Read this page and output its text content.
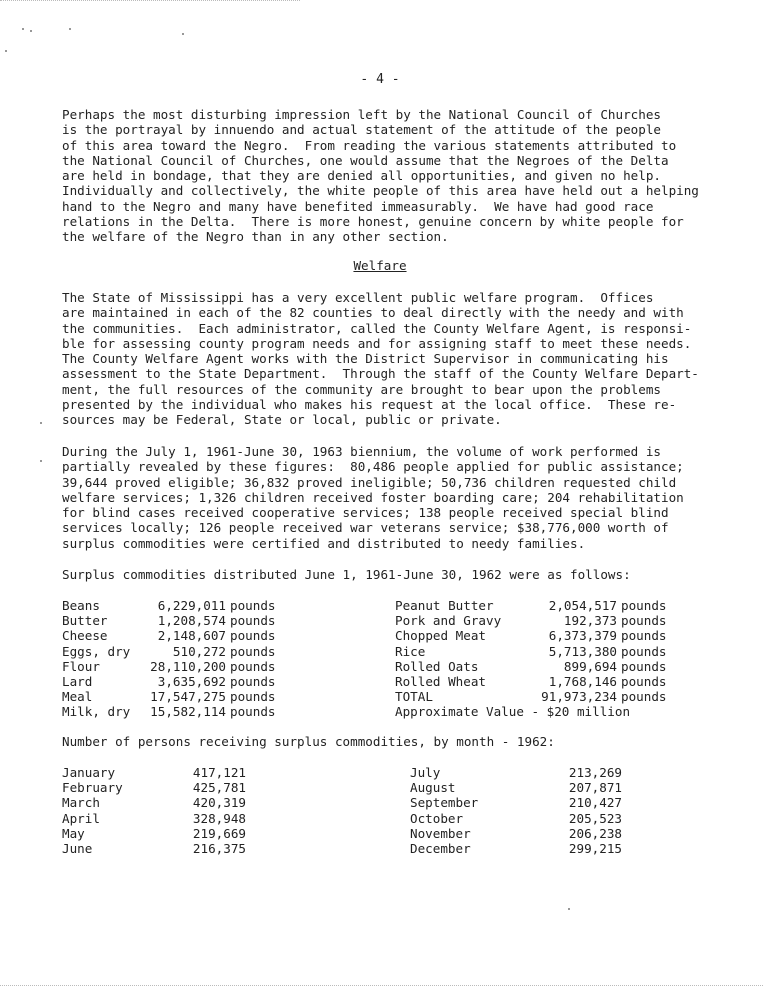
- 4 -
Perhaps the most disturbing impression left by the National Council of Churches
is the portrayal by innuendo and actual statement of the attitude of the people
of this area toward the Negro.  From reading the various statements attributed to
the National Council of Churches, one would assume that the Negroes of the Delta
are held in bondage, that they are denied all opportunities, and given no help.
Individually and collectively, the white people of this area have held out a helping
hand to the Negro and many have benefited immeasurably.  We have had good race
relations in the Delta.  There is more honest, genuine concern by white people for
the welfare of the Negro than in any other section.
Welfare
The State of Mississippi has a very excellent public welfare program.  Offices
are maintained in each of the 82 counties to deal directly with the needy and with
the communities.  Each administrator, called the County Welfare Agent, is responsi-
ble for assessing county program needs and for assigning staff to meet these needs.
The County Welfare Agent works with the District Supervisor in communicating his
assessment to the State Department.  Through the staff of the County Welfare Depart-
ment, the full resources of the community are brought to bear upon the problems
presented by the individual who makes his request at the local office.  These re-
sources may be Federal, State or local, public or private.
During the July 1, 1961-June 30, 1963 biennium, the volume of work performed is
partially revealed by these figures:  80,486 people applied for public assistance;
39,644 proved eligible; 36,832 proved ineligible; 50,736 children requested child
welfare services; 1,326 children received foster boarding care; 204 rehabilitation
for blind cases received cooperative services; 138 people received special blind
services locally; 126 people received war veterans service; $38,776,000 worth of
surplus commodities were certified and distributed to needy families.
Surplus commodities distributed June 1, 1961-June 30, 1962 were as follows:
Beans	6,229,011 pounds
Butter	1,208,574 pounds
Cheese	2,148,607 pounds
Eggs, dry	510,272 pounds
Flour	28,110,200 pounds
Lard	3,635,692 pounds
Meal	17,547,275 pounds
Milk, dry	15,582,114 pounds
Peanut Butter	2,054,517 pounds
Pork and Gravy	192,373 pounds
Chopped Meat	6,373,379 pounds
Rice	5,713,380 pounds
Rolled Oats	899,694 pounds
Rolled Wheat	1,768,146 pounds
TOTAL	91,973,234 pounds
Approximate Value - $20 million
Number of persons receiving surplus commodities, by month - 1962:
January	417,121
February	425,781
March	420,319
April	328,948
May	219,669
June	216,375
July	213,269
August	207,871
September	210,427
October	205,523
November	206,238
December	299,215
